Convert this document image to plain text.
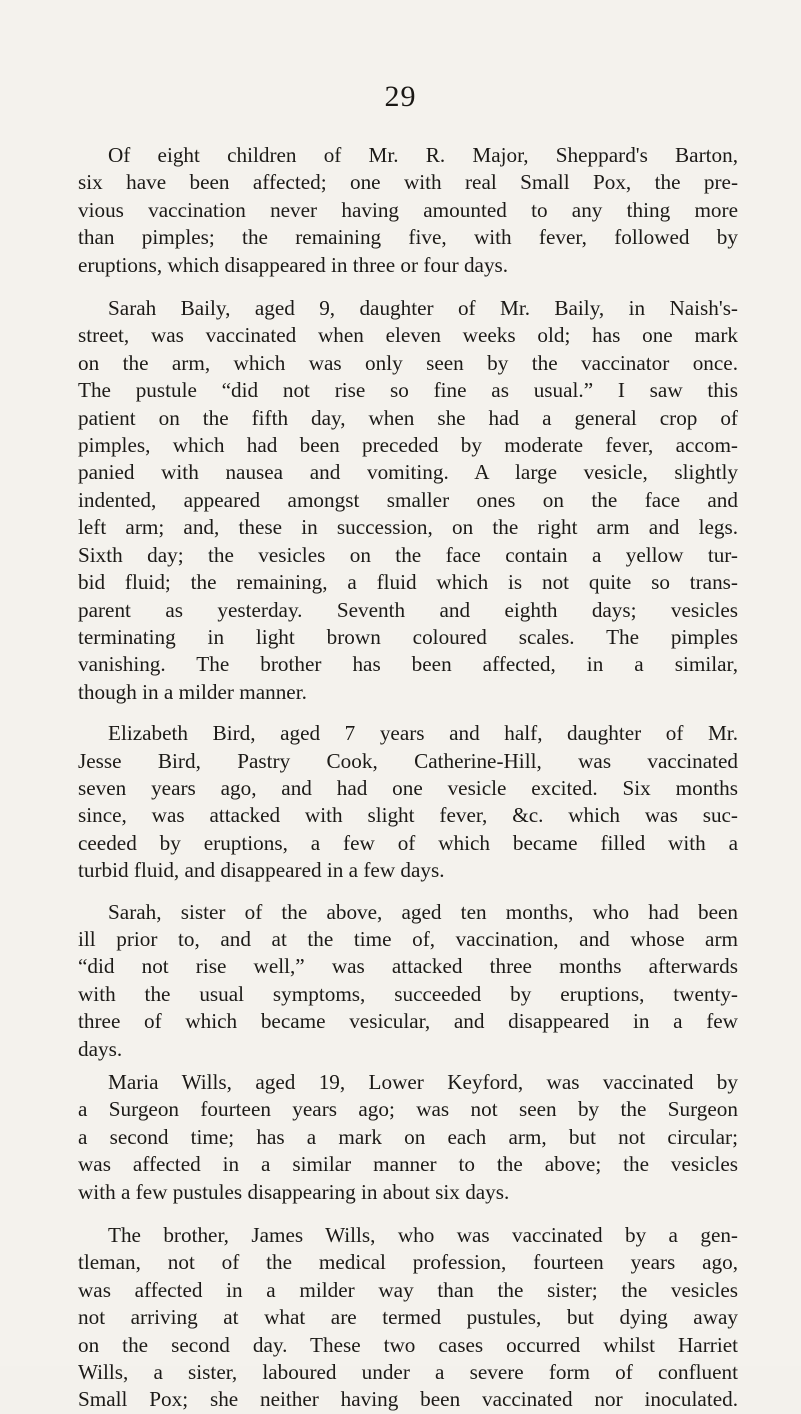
29
Of eight children of Mr. R. Major, Sheppard's Barton,
six have been affected; one with real Small Pox, the pre-
vious vaccination never having amounted to any thing more
than pimples; the remaining five, with fever, followed by
eruptions, which disappeared in three or four days.
Sarah Baily, aged 9, daughter of Mr. Baily, in Naish's-
street, was vaccinated when eleven weeks old; has one mark
on the arm, which was only seen by the vaccinator once.
The pustule “did not rise so fine as usual.” I saw this
patient on the fifth day, when she had a general crop of
pimples, which had been preceded by moderate fever, accom-
panied with nausea and vomiting. A large vesicle, slightly
indented, appeared amongst smaller ones on the face and
left arm; and, these in succession, on the right arm and legs.
Sixth day; the vesicles on the face contain a yellow tur-
bid fluid; the remaining, a fluid which is not quite so trans-
parent as yesterday. Seventh and eighth days; vesicles
terminating in light brown coloured scales. The pimples
vanishing. The brother has been affected, in a similar,
though in a milder manner.
Elizabeth Bird, aged 7 years and half, daughter of Mr.
Jesse Bird, Pastry Cook, Catherine-Hill, was vaccinated
seven years ago, and had one vesicle excited. Six months
since, was attacked with slight fever, &c. which was suc-
ceeded by eruptions, a few of which became filled with a
turbid fluid, and disappeared in a few days.
Sarah, sister of the above, aged ten months, who had been
ill prior to, and at the time of, vaccination, and whose arm
“did not rise well,” was attacked three months afterwards
with the usual symptoms, succeeded by eruptions, twenty-
three of which became vesicular, and disappeared in a few
days.
Maria Wills, aged 19, Lower Keyford, was vaccinated by
a Surgeon fourteen years ago; was not seen by the Surgeon
a second time; has a mark on each arm, but not circular;
was affected in a similar manner to the above; the vesicles
with a few pustules disappearing in about six days.
The brother, James Wills, who was vaccinated by a gen-
tleman, not of the medical profession, fourteen years ago,
was affected in a milder way than the sister; the vesicles
not arriving at what are termed pustules, but dying away
on the second day. These two cases occurred whilst Harriet
Wills, a sister, laboured under a severe form of confluent
Small Pox; she neither having been vaccinated nor inoculated.
